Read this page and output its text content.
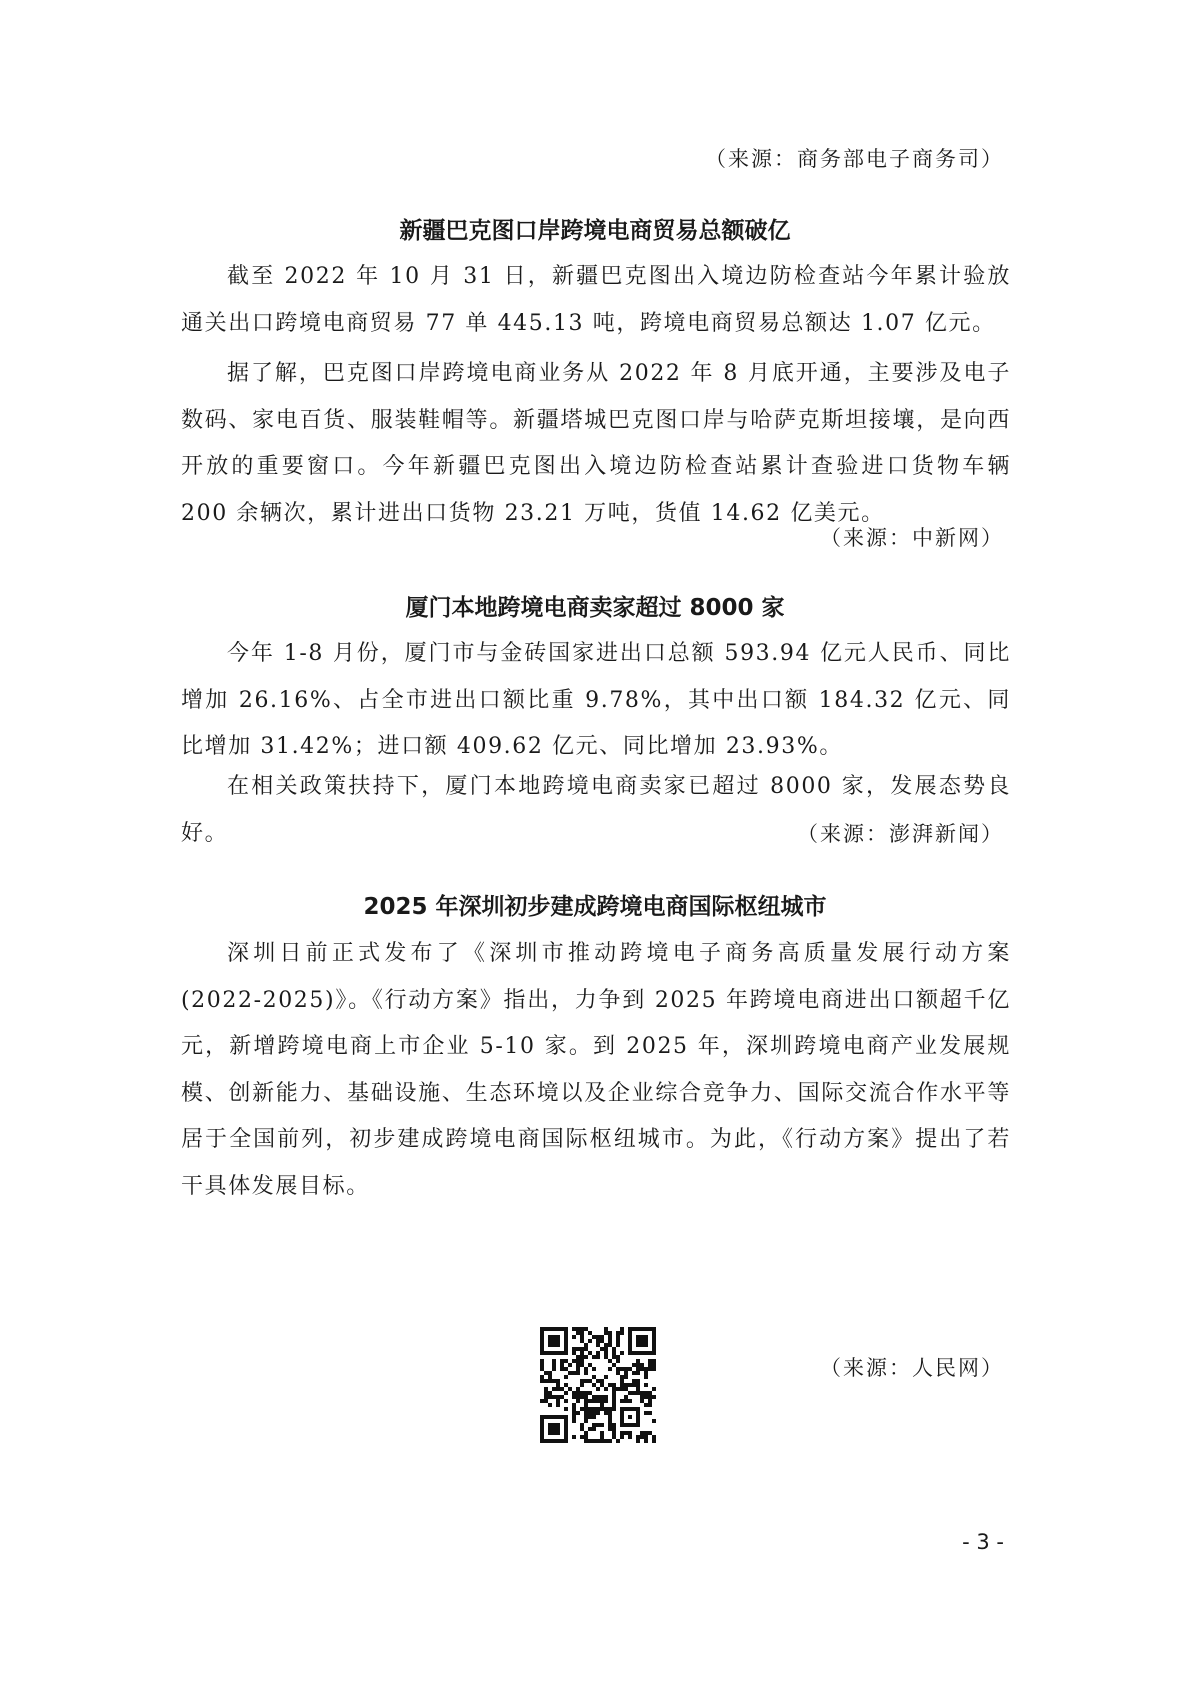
（来源：商务部电子商务司）
新疆巴克图口岸跨境电商贸易总额破亿

截至 2022 年 10 月 31 日，新疆巴克图出入境边防检查站今年累计验放通关出口跨境电商贸易 77 单 445.13 吨，跨境电商贸易总额达 1.07 亿元。

据了解，巴克图口岸跨境电商业务从 2022 年 8 月底开通，主要涉及电子数码、家电百货、服装鞋帽等。新疆塔城巴克图口岸与哈萨克斯坦接壤，是向西开放的重要窗口。今年新疆巴克图出入境边防检查站累计查验进口货物车辆 200 余辆次，累计进出口货物 23.21 万吨，货值 14.62 亿美元。

（来源：中新网）
厦门本地跨境电商卖家超过 8000 家

今年 1-8 月份，厦门市与金砖国家进出口总额 593.94 亿元人民币、同比增加 26.16%、占全市进出口额比重 9.78%，其中出口额 184.32 亿元、同比增加 31.42%；进口额 409.62 亿元、同比增加 23.93%。

在相关政策扶持下，厦门本地跨境电商卖家已超过 8000 家，发展态势良好。	（来源：澎湃新闻）
2025 年深圳初步建成跨境电商国际枢纽城市

深圳日前正式发布了《深圳市推动跨境电子商务高质量发展行动方案(2022-2025)》。《行动方案》指出，力争到 2025 年跨境电商进出口额超千亿元，新增跨境电商上市企业 5-10 家。到 2025 年，深圳跨境电商产业发展规模、创新能力、基础设施、生态环境以及企业综合竞争力、国际交流合作水平等居于全国前列，初步建成跨境电商国际枢纽城市。为此，《行动方案》提出了若干具体发展目标。

（来源：人民网）
- 3 -
